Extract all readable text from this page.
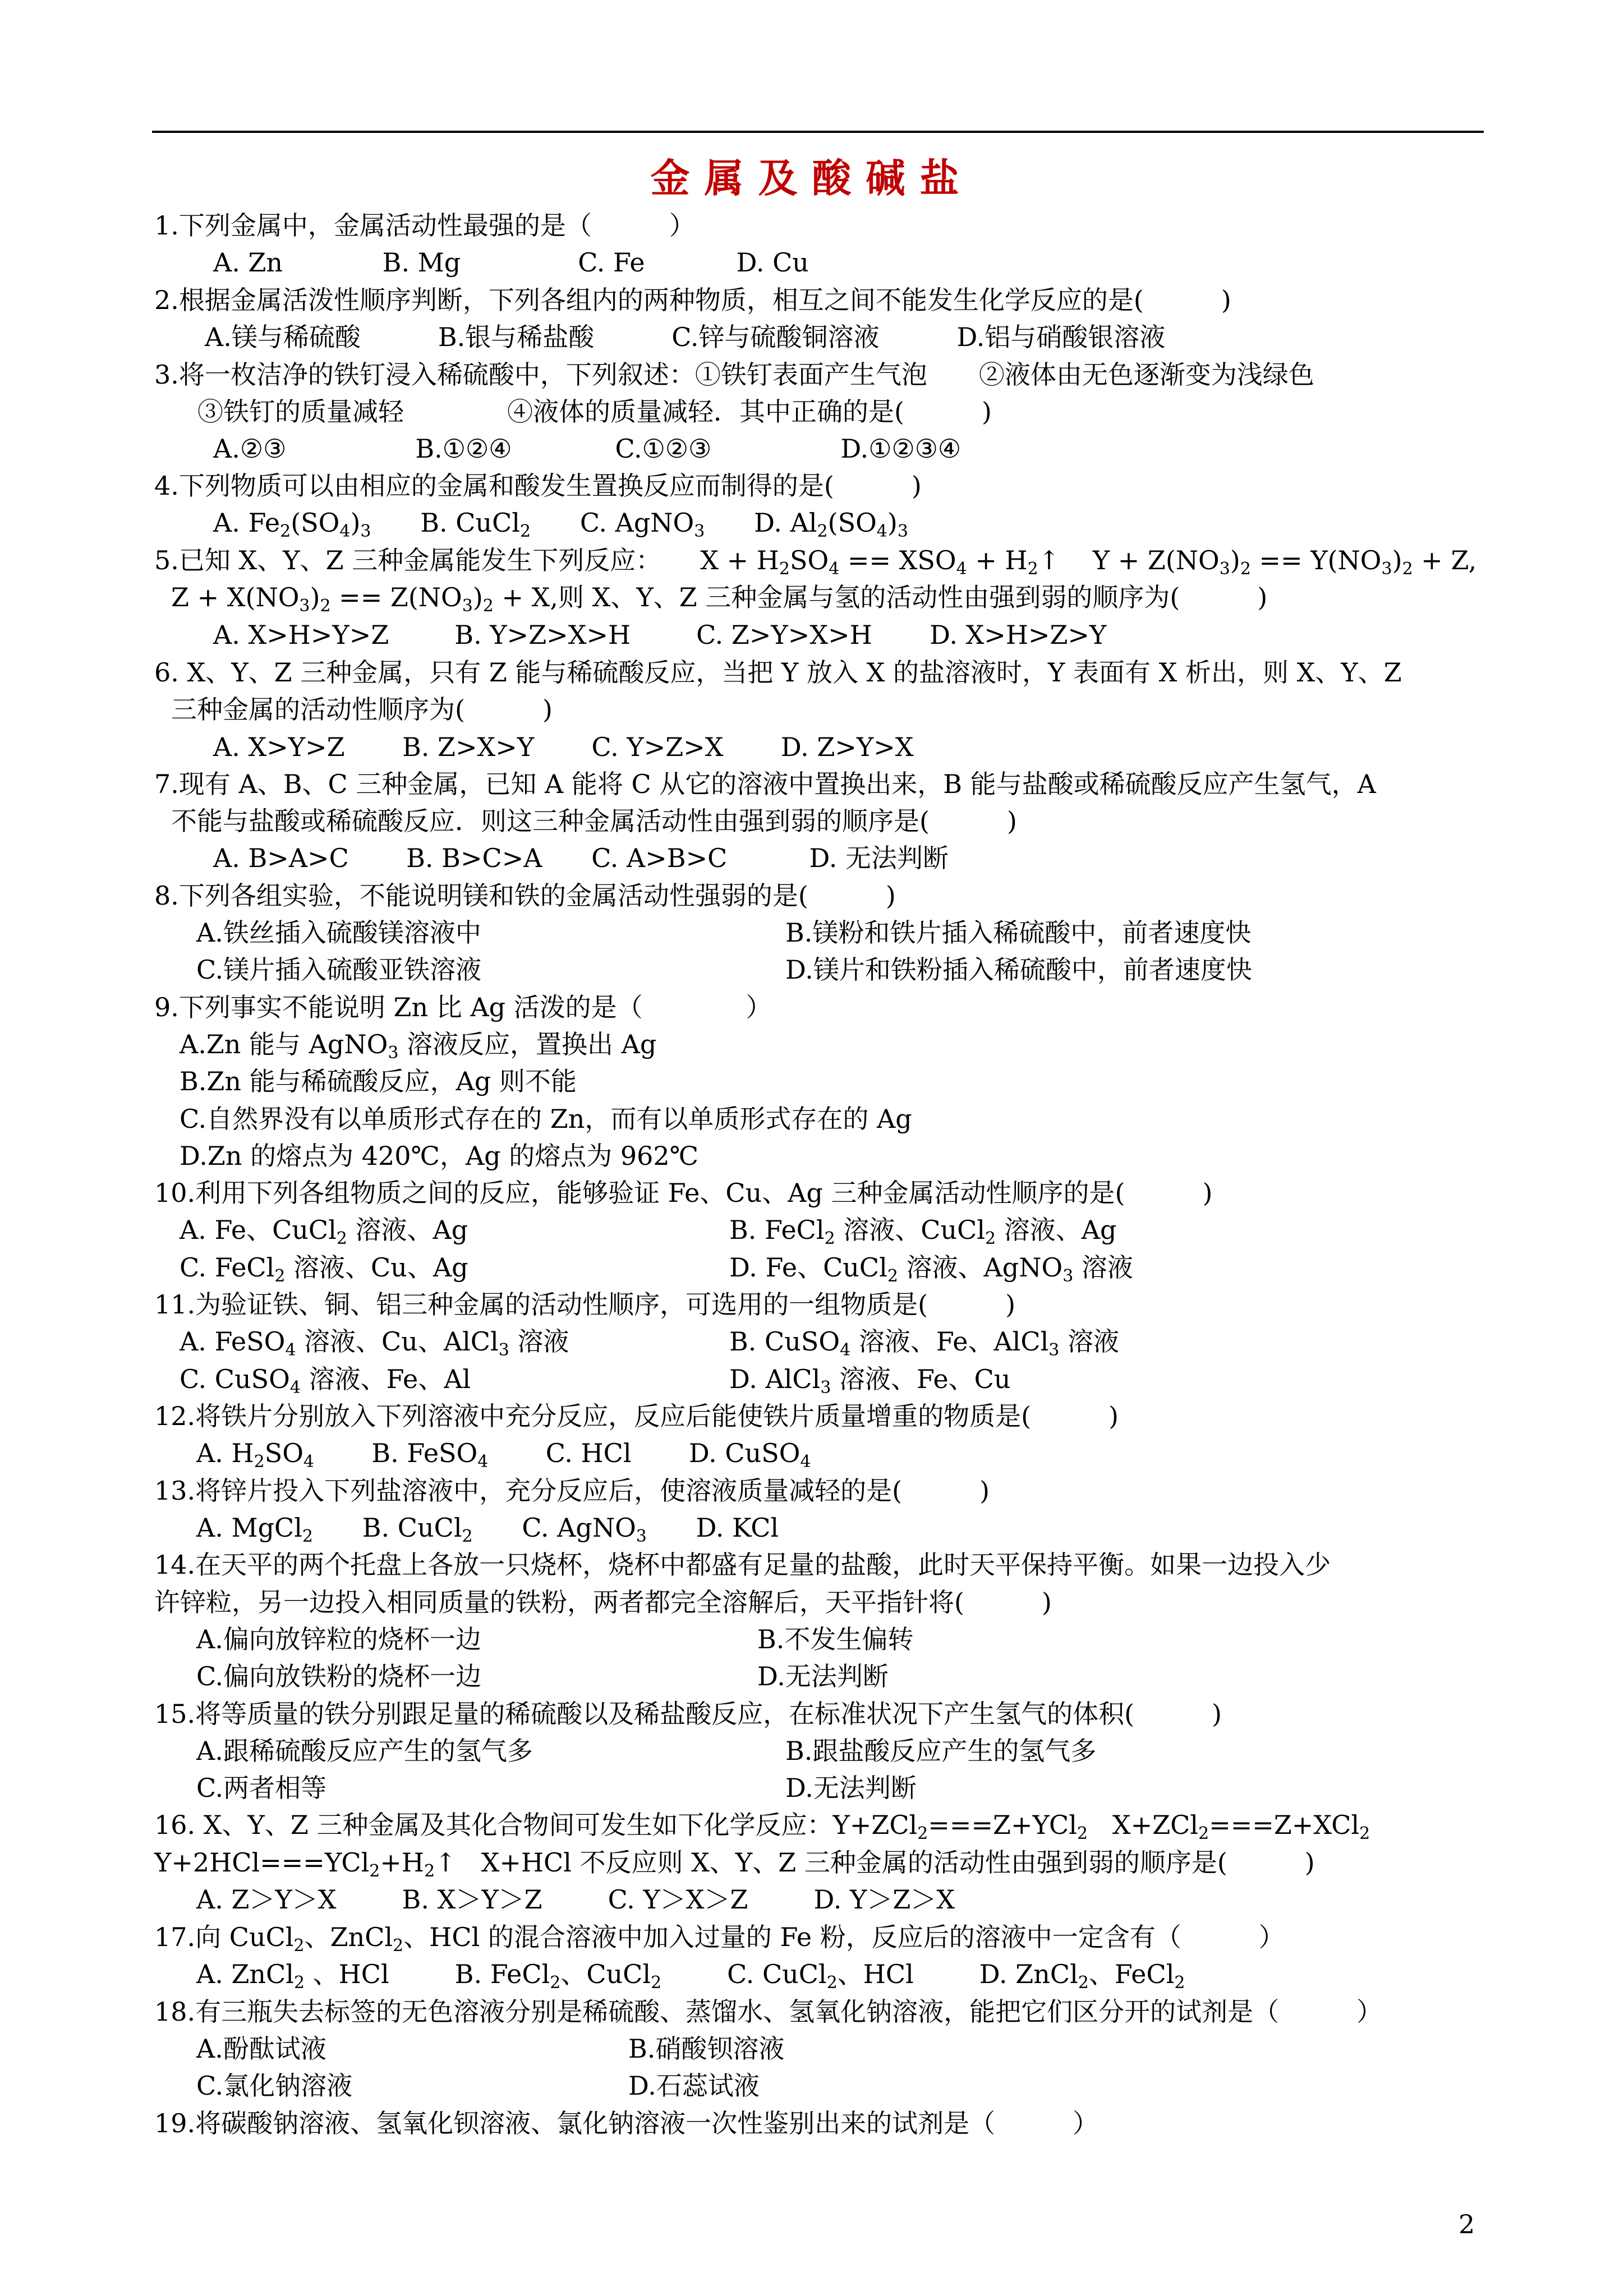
金属及酸碱盐
1.下列金属中，金属活动性最强的是（　　　）
A. Zn        　 B. Mg      　　  C. Fe       　 D. Cu
2.根据金属活泼性顺序判断，下列各组内的两种物质，相互之间不能发生化学反应的是(　　　)
A.镁与稀硫酸　　　B.银与稀盐酸　　　C.锌与硫酸铜溶液　　　D.铝与硝酸银溶液
3.将一枚洁净的铁钉浸入稀硫酸中，下列叙述：①铁钉表面产生气泡　　②液体由无色逐渐变为浅绿色
③铁钉的质量减轻　　　　④液体的质量减轻．其中正确的是(　　　)
A.②③　　　　　B.①②④　　　　C.①②③　　　　　D.①②③④
4.下列物质可以由相应的金属和酸发生置换反应而制得的是(　　　)
A. $Fe_2(SO_4)_3$      B. CuCl$_2$      C. AgNO$_3$      D. $Al_2(SO_4)_3$
5.已知 X、Y、Z 三种金属能发生下列反应：　　$X + H_2SO_4 == XSO_4$ + $H_2↑$    $Y + Z(NO_3)_2 == Y(NO_3)_2 + Z$,
$Z + X(NO_3)_2 == Z(NO_3)_2 + X$,则 X、Y、Z 三种金属与氢的活动性由强到弱的顺序为(　　　)
A. X>H>Y>Z        B. Y>Z>X>H        C. Z>Y>X>H       D. X>H>Z>Y
6. X、Y、Z 三种金属，只有 Z 能与稀硫酸反应，当把 Y 放入 X 的盐溶液时，Y 表面有 X 析出，则 X、Y、Z
三种金属的活动性顺序为(　　　)
A. X>Y>Z       B. Z>X>Y       C. Y>Z>X       D. Z>Y>X
7.现有 A、B、C 三种金属，已知 A 能将 C 从它的溶液中置换出来，B 能与盐酸或稀硫酸反应产生氢气，A
不能与盐酸或稀硫酸反应．则这三种金属活动性由强到弱的顺序是(　　　)
A. B>A>C       B. B>C>A      C. A>B>C          D. 无法判断
8.下列各组实验，不能说明镁和铁的金属活动性强弱的是(　　　)
A.铁丝插入硫酸镁溶液中	B.镁粉和铁片插入稀硫酸中，前者速度快
C.镁片插入硫酸亚铁溶液	D.镁片和铁粉插入稀硫酸中，前者速度快
9.下列事实不能说明 Zn 比 Ag 活泼的是（　　　　）
A.Zn 能与 AgNO$_3$ 溶液反应，置换出 Ag
B.Zn 能与稀硫酸反应，Ag 则不能
C.自然界没有以单质形式存在的 Zn，而有以单质形式存在的 Ag
D.Zn 的熔点为 420℃，Ag 的熔点为 962℃
10.利用下列各组物质之间的反应，能够验证 Fe、Cu、Ag 三种金属活动性顺序的是(　　　)
A. Fe、CuCl$_2$ 溶液、Ag	B. FeCl$_2$ 溶液、CuCl$_2$ 溶液、Ag
C. FeCl$_2$ 溶液、Cu、Ag	D. Fe、CuCl$_2$ 溶液、AgNO$_3$ 溶液
11.为验证铁、铜、铝三种金属的活动性顺序，可选用的一组物质是(　　　)
A. FeSO$_4$ 溶液、Cu、AlCl$_3$ 溶液	B. CuSO$_4$ 溶液、Fe、AlCl$_3$ 溶液
C. CuSO$_4$ 溶液、Fe、Al	D. AlCl$_3$ 溶液、Fe、Cu
12.将铁片分别放入下列溶液中充分反应，反应后能使铁片质量增重的物质是(　　　)
A. $H_2SO_4$       B. FeSO$_4$       C. HCl       D. CuSO$_4$
13.将锌片投入下列盐溶液中，充分反应后，使溶液质量减轻的是(　　　)
A. MgCl$_2$      B. CuCl$_2$      C. AgNO$_3$      D. KCl
14.在天平的两个托盘上各放一只烧杯，烧杯中都盛有足量的盐酸，此时天平保持平衡。如果一边投入少
许锌粒，另一边投入相同质量的铁粉，两者都完全溶解后，天平指针将(　　　)
A.偏向放锌粒的烧杯一边	B.不发生偏转
C.偏向放铁粉的烧杯一边	D.无法判断
15.将等质量的铁分别跟足量的稀硫酸以及稀盐酸反应，在标准状况下产生氢气的体积(　　　)
A.跟稀硫酸反应产生的氢气多	B.跟盐酸反应产生的氢气多
C.两者相等	D.无法判断
16. X、Y、Z 三种金属及其化合物间可发生如下化学反应：Y+ZCl$_2$===Z+YCl$_2$   X+ZCl$_2$===Z+XCl$_2$
$Y+2HCl===YCl_2+H_2↑$   X+HCl 不反应则 X、Y、Z 三种金属的活动性由强到弱的顺序是(　　　)
A. Z＞Y＞X        B. X＞Y＞Z        C. Y＞X＞Z        D. Y＞Z＞X
17.向 CuCl$_2$、ZnCl$_2$、HCl 的混合溶液中加入过量的 Fe 粉，反应后的溶液中一定含有（　　　）
A. ZnCl$_2$ 、HCl        B. FeCl$_2$、CuCl$_2$        C. CuCl$_2$、HCl        D. ZnCl$_2$、FeCl$_2$
18.有三瓶失去标签的无色溶液分别是稀硫酸、蒸馏水、氢氧化钠溶液，能把它们区分开的试剂是（　　　）
A.酚酞试液	B.硝酸钡溶液
C.氯化钠溶液	D.石蕊试液
19.将碳酸钠溶液、氢氧化钡溶液、氯化钠溶液一次性鉴别出来的试剂是（　　　）
2
